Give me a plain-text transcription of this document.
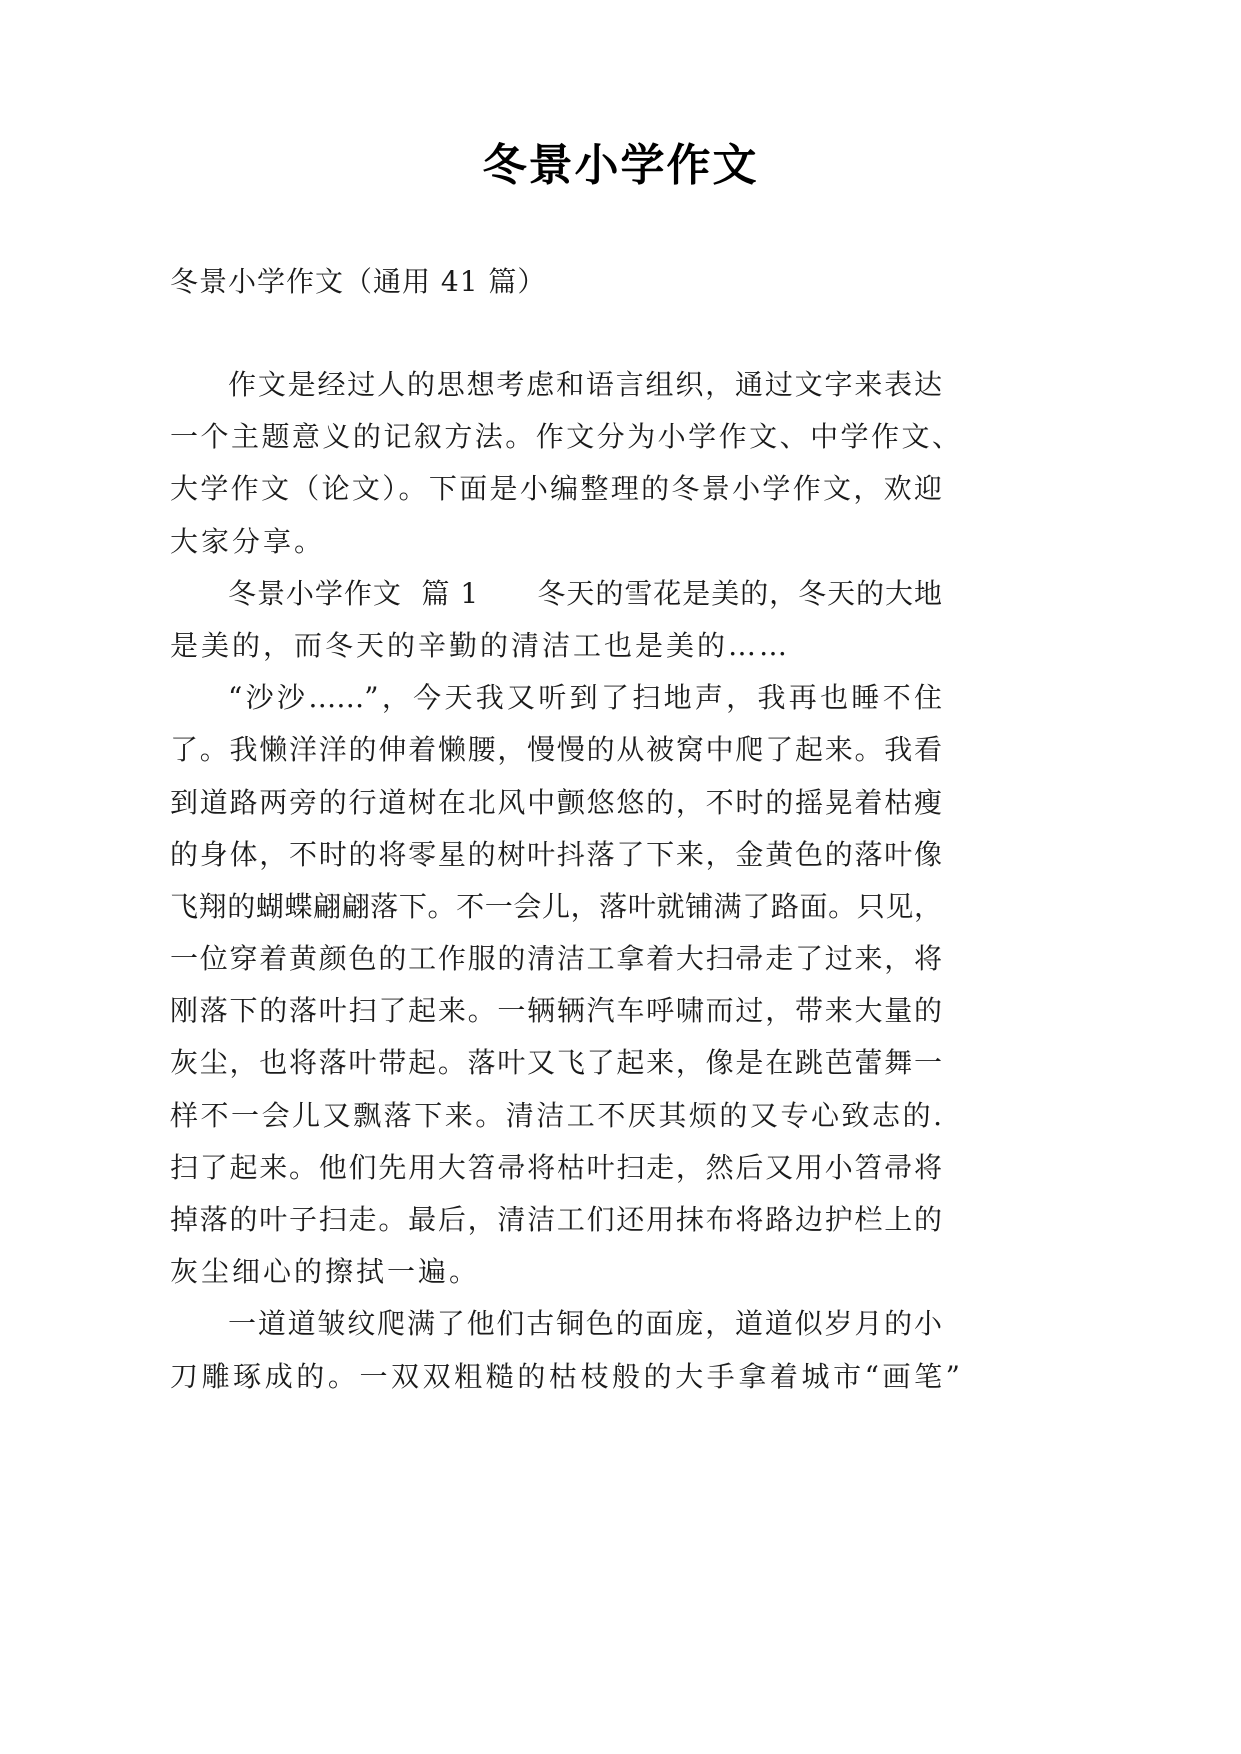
冬景小学作文
冬景小学作文（通用 41 篇）
作文是经过人的思想考虑和语言组织，通过文字来表达
一个主题意义的记叙方法。作文分为小学作文、中学作文、
大学作文（论文）。下面是小编整理的冬景小学作文，欢迎
大家分享。
冬景小学作文  篇 1      冬天的雪花是美的，冬天的大地
是美的，而冬天的辛勤的清洁工也是美的……
“沙沙……”，今天我又听到了扫地声，我再也睡不住
了。我懒洋洋的伸着懒腰，慢慢的从被窝中爬了起来。我看
到道路两旁的行道树在北风中颤悠悠的，不时的摇晃着枯瘦
的身体，不时的将零星的树叶抖落了下来，金黄色的落叶像
飞翔的蝴蝶翩翩落下。不一会儿，落叶就铺满了路面。只见，
一位穿着黄颜色的工作服的清洁工拿着大扫帚走了过来，将
刚落下的落叶扫了起来。一辆辆汽车呼啸而过，带来大量的
灰尘，也将落叶带起。落叶又飞了起来，像是在跳芭蕾舞一
样不一会儿又飘落下来。清洁工不厌其烦的又专心致志的.
扫了起来。他们先用大笤帚将枯叶扫走，然后又用小笤帚将
掉落的叶子扫走。最后，清洁工们还用抹布将路边护栏上的
灰尘细心的擦拭一遍。
一道道皱纹爬满了他们古铜色的面庞，道道似岁月的小
刀雕琢成的。一双双粗糙的枯枝般的大手拿着城市“画笔”
